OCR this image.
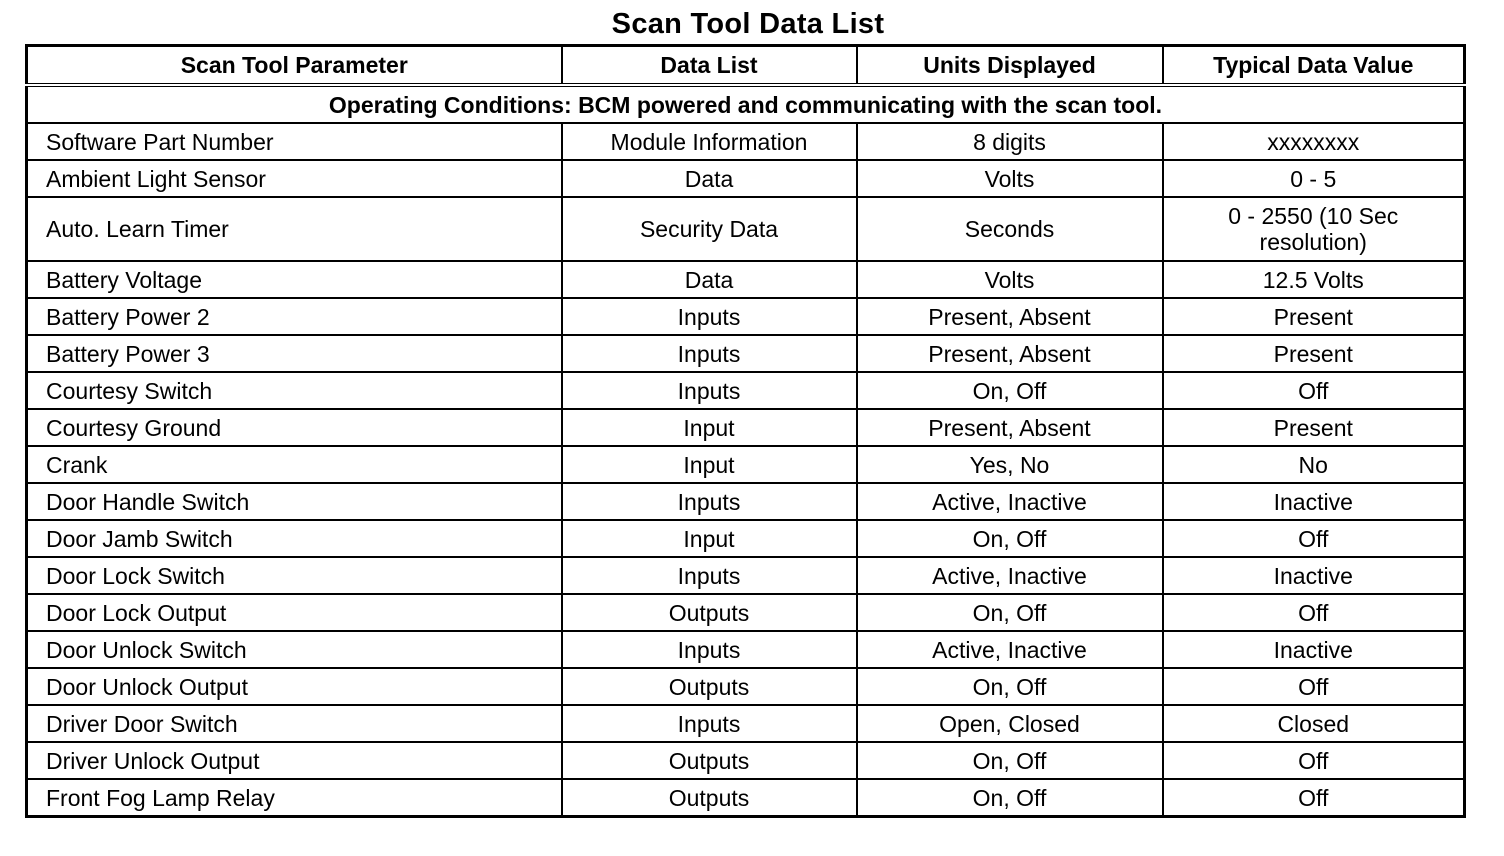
Scan Tool Data List
Scan Tool Parameter	Data List	Units Displayed	Typical Data Value
Operating Conditions: BCM powered and communicating with the scan tool.			
Software Part Number	Module Information	8 digits	xxxxxxxx
Ambient Light Sensor	Data	Volts	0 - 5
Auto. Learn Timer	Security Data	Seconds	0 - 2550 (10 Sec resolution)
Battery Voltage	Data	Volts	12.5 Volts
Battery Power 2	Inputs	Present, Absent	Present
Battery Power 3	Inputs	Present, Absent	Present
Courtesy Switch	Inputs	On, Off	Off
Courtesy Ground	Input	Present, Absent	Present
Crank	Input	Yes, No	No
Door Handle Switch	Inputs	Active, Inactive	Inactive
Door Jamb Switch	Input	On, Off	Off
Door Lock Switch	Inputs	Active, Inactive	Inactive
Door Lock Output	Outputs	On, Off	Off
Door Unlock Switch	Inputs	Active, Inactive	Inactive
Door Unlock Output	Outputs	On, Off	Off
Driver Door Switch	Inputs	Open, Closed	Closed
Driver Unlock Output	Outputs	On, Off	Off
Front Fog Lamp Relay	Outputs	On, Off	Off
